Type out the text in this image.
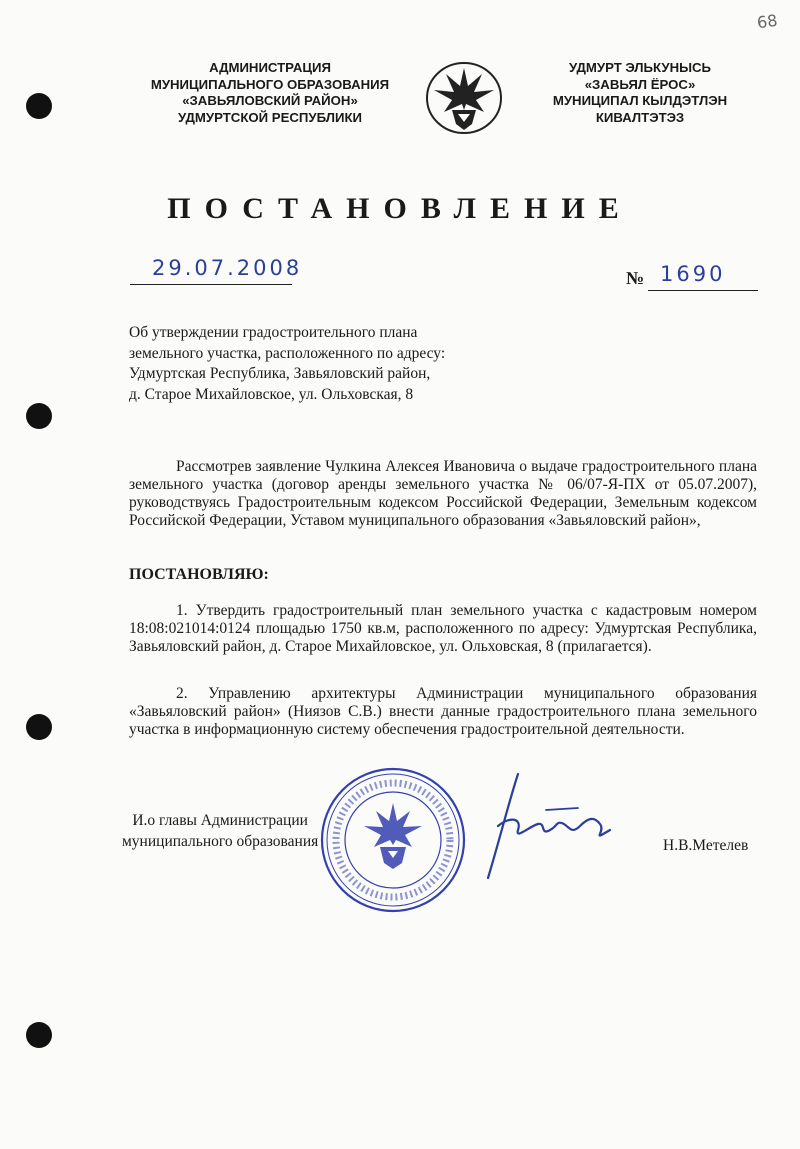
68
АДМИНИСТРАЦИЯ
МУНИЦИПАЛЬНОГО ОБРАЗОВАНИЯ
«ЗАВЬЯЛОВСКИЙ РАЙОН»
УДМУРТСКОЙ РЕСПУБЛИКИ
УДМУРТ ЭЛЬКУНЫСЬ
«ЗАВЬЯЛ ЁРОС»
МУНИЦИПАЛ КЫЛДЭТЛЭН
КИВАЛТЭТЭЗ
ПОСТАНОВЛЕНИЕ
29.07.2008	№ 1690
Об утверждении градостроительного плана
земельного участка, расположенного по адресу:
Удмуртская Республика, Завьяловский район,
д. Старое Михайловское, ул. Ольховская, 8
Рассмотрев заявление Чулкина Алексея Ивановича о выдаче градостроительного плана земельного участка (договор аренды земельного участка № 06/07-Я-ПХ от 05.07.2007), руководствуясь Градостроительным кодексом Российской Федерации, Земельным кодексом Российской Федерации, Уставом муниципального образования «Завьяловский район»,
ПОСТАНОВЛЯЮ:
1. Утвердить градостроительный план земельного участка с кадастровым номером 18:08:021014:0124 площадью 1750 кв.м, расположенного по адресу: Удмуртская Республика, Завьяловский район, д. Старое Михайловское, ул. Ольховская, 8 (прилагается).
2. Управлению архитектуры Администрации муниципального образования «Завьяловский район» (Ниязов С.В.) внести данные градостроительного плана земельного участка в информационную систему обеспечения градостроительной деятельности.
И.о главы Администрации
муниципального образования	Н.В.Метелев
